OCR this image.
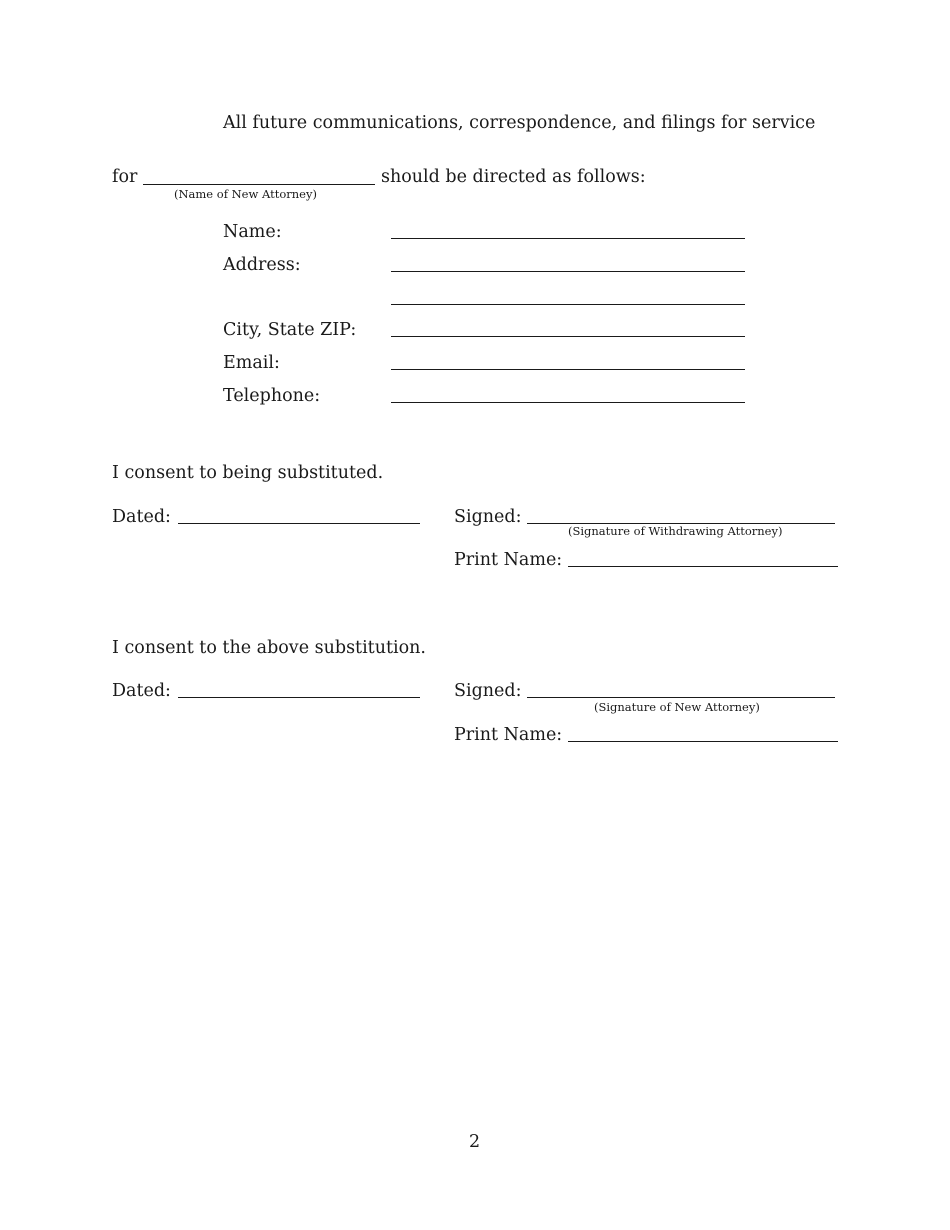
All future communications, correspondence, and filings for service
for	should be directed as follows:
(Name of New Attorney)
Name:
Address:
City, State ZIP:
Email:
Telephone:
I consent to being substituted.
Dated:	Signed:
(Signature of Withdrawing Attorney)
Print Name:
I consent to the above substitution.
Dated:	Signed:
(Signature of New Attorney)
Print Name:
2
